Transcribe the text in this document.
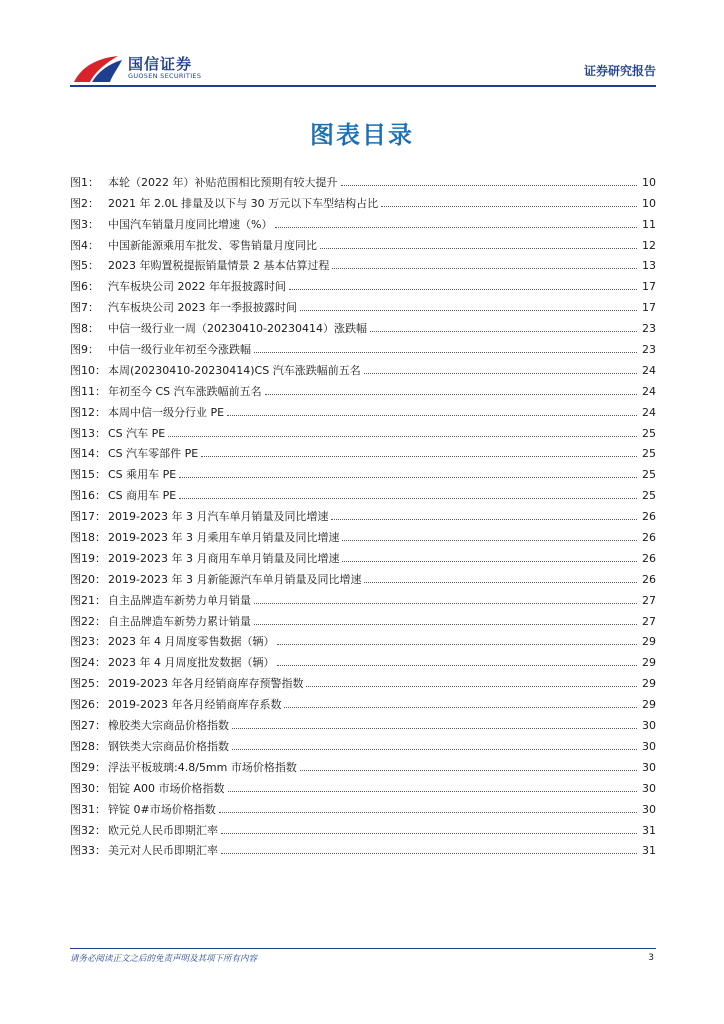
国信证券
GUOSEN SECURITIES	证券研究报告
图表目录
图1： 本轮（2022 年）补贴范围相比预期有较大提升	10
图2： 2021 年 2.0L 排量及以下与 30 万元以下车型结构占比	10
图3： 中国汽车销量月度同比增速（%）	11
图4： 中国新能源乘用车批发、零售销量月度同比	12
图5： 2023 年购置税提振销量情景 2 基本估算过程	13
图6： 汽车板块公司 2022 年年报披露时间	17
图7： 汽车板块公司 2023 年一季报披露时间	17
图8： 中信一级行业一周（20230410-20230414）涨跌幅	23
图9： 中信一级行业年初至今涨跌幅	23
图10： 本周(20230410-20230414)CS 汽车涨跌幅前五名	24
图11： 年初至今 CS 汽车涨跌幅前五名	24
图12： 本周中信一级分行业 PE	24
图13： CS 汽车 PE	25
图14： CS 汽车零部件 PE	25
图15： CS 乘用车 PE	25
图16： CS 商用车 PE	25
图17： 2019-2023 年 3 月汽车单月销量及同比增速	26
图18： 2019-2023 年 3 月乘用车单月销量及同比增速	26
图19： 2019-2023 年 3 月商用车单月销量及同比增速	26
图20： 2019-2023 年 3 月新能源汽车单月销量及同比增速	26
图21： 自主品牌造车新势力单月销量	27
图22： 自主品牌造车新势力累计销量	27
图23： 2023 年 4 月周度零售数据（辆）	29
图24： 2023 年 4 月周度批发数据（辆）	29
图25： 2019-2023 年各月经销商库存预警指数	29
图26： 2019-2023 年各月经销商库存系数	29
图27： 橡胶类大宗商品价格指数	30
图28： 钢铁类大宗商品价格指数	30
图29： 浮法平板玻璃:4.8/5mm 市场价格指数	30
图30： 铝锭 A00 市场价格指数	30
图31： 锌锭 0#市场价格指数	30
图32： 欧元兑人民币即期汇率	31
图33： 美元对人民币即期汇率	31
请务必阅读正文之后的免责声明及其项下所有内容	3
